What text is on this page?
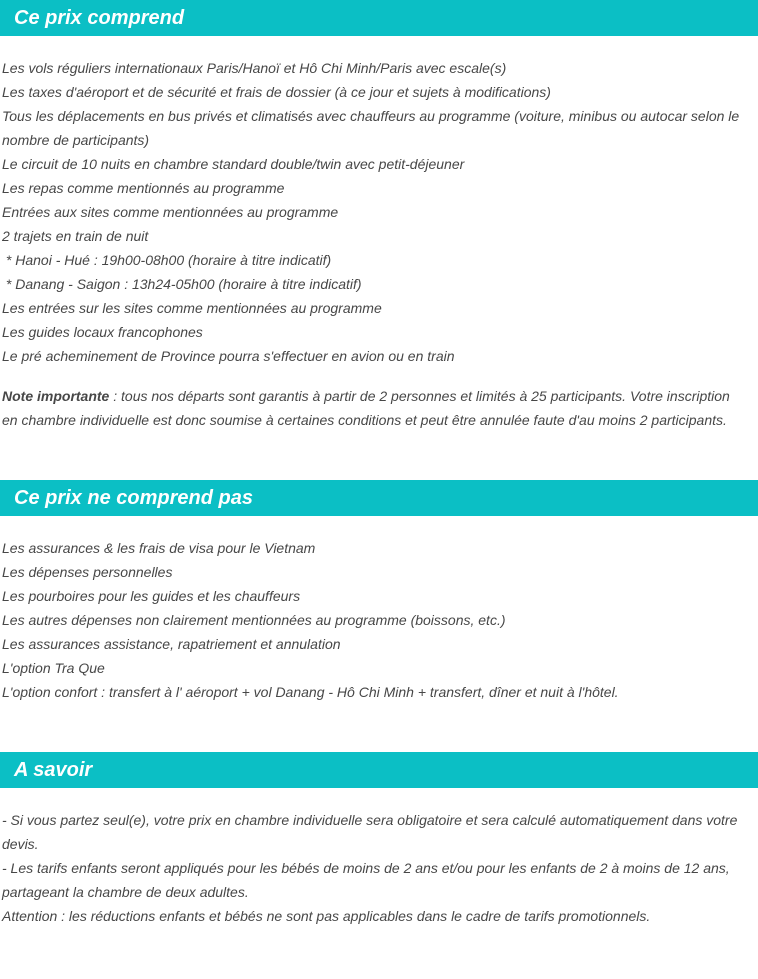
Ce prix comprend
Les vols réguliers internationaux Paris/Hanoï et Hô Chi Minh/Paris avec escale(s)
Les taxes d'aéroport et de sécurité et frais de dossier (à ce jour et sujets à modifications)
Tous les déplacements en bus privés et climatisés avec chauffeurs au programme (voiture, minibus ou autocar selon le nombre de participants)
Le circuit de 10 nuits en chambre standard double/twin avec petit-déjeuner
Les repas comme mentionnés au programme
Entrées aux sites comme mentionnées au programme
2 trajets en train de nuit
* Hanoi - Hué : 19h00-08h00 (horaire à titre indicatif)
* Danang - Saigon : 13h24-05h00 (horaire à titre indicatif)
Les entrées sur les sites comme mentionnées au programme
Les guides locaux francophones
Le pré acheminement de Province pourra s'effectuer en avion ou en train

Note importante : tous nos départs sont garantis à partir de 2 personnes et limités à 25 participants. Votre inscription en chambre individuelle est donc soumise à certaines conditions et peut être annulée faute d'au moins 2 participants.

Ce prix ne comprend pas
Les assurances & les frais de visa pour le Vietnam
Les dépenses personnelles
Les pourboires pour les guides et les chauffeurs
Les autres dépenses non clairement mentionnées au programme (boissons, etc.)
Les assurances assistance, rapatriement et annulation
L'option Tra Que
L'option confort : transfert à l' aéroport + vol Danang - Hô Chi Minh + transfert, dîner et nuit à l'hôtel.
A savoir
- Si vous partez seul(e), votre prix en chambre individuelle sera obligatoire et sera calculé automatiquement dans votre devis.
- Les tarifs enfants seront appliqués pour les bébés de moins de 2 ans et/ou pour les enfants de 2 à moins de 12 ans, partageant la chambre de deux adultes.
Attention : les réductions enfants et bébés ne sont pas applicables dans le cadre de tarifs promotionnels.
